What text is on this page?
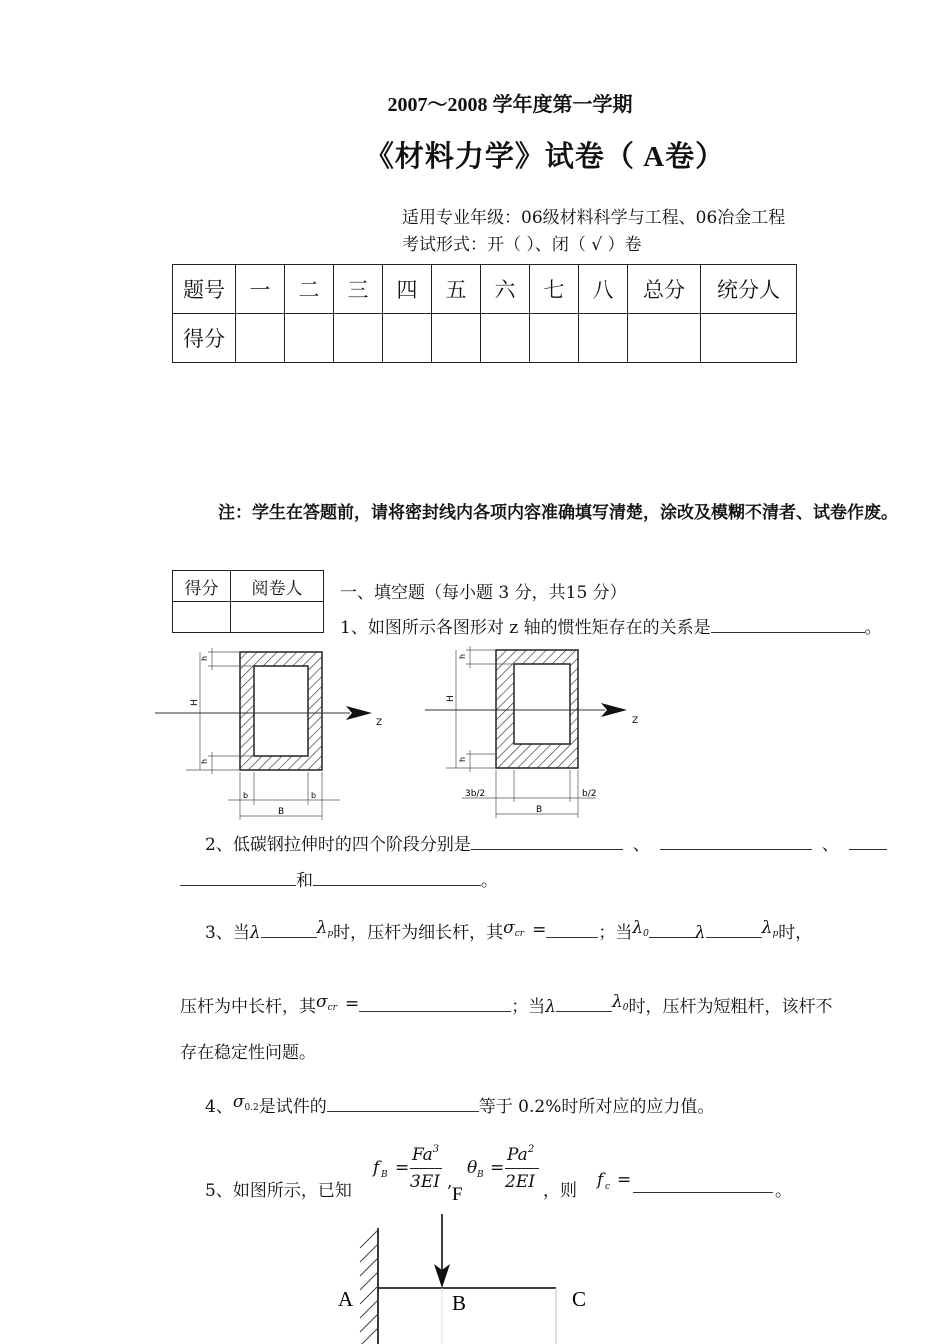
2007～2008 学年度第一学期
《材料力学》试卷（ A卷）
适用专业年级：06级材料科学与工程、06冶金工程
考试形式：开（ ）、闭（ √ ）卷
题号	一	二	三	四	五	六	七	八	总分	统分人
得分										
注：学生在答题前，请将密封线内各项内容准确填写清楚，涂改及模糊不清者、试卷作废。
得分	阅卷人
	一、填空题（每小题 3 分，共15 分）
1、如图所示各图形对 z 轴的惯性矩存在的关系是	。
h
H
h
Z
b	b
B
h
H
h
Z
3b/2	b/2
B
2、低碳钢拉伸时的四个阶段分别是	、	、
和	。
3、当λ	$\lambda^p$时，压杆为细长杆，其$\sigma^{cr}$ =	；当$\lambda^0$	λ	$\lambda^p$时，
压杆为中长杆，其$\sigma^{cr}$ =	；当λ	$\lambda^0$时，压杆为短粗杆，该杆不
存在稳定性问题。
4、$\sigma^{0.2}$是试件的	等于 0.2%时所对应的应力值。
5、如图所示，已知
f B =
$Fa^3$
3EI ,
θ B =
$Pa^2$
2EI ，则
f c =
。
F
A	B	C
